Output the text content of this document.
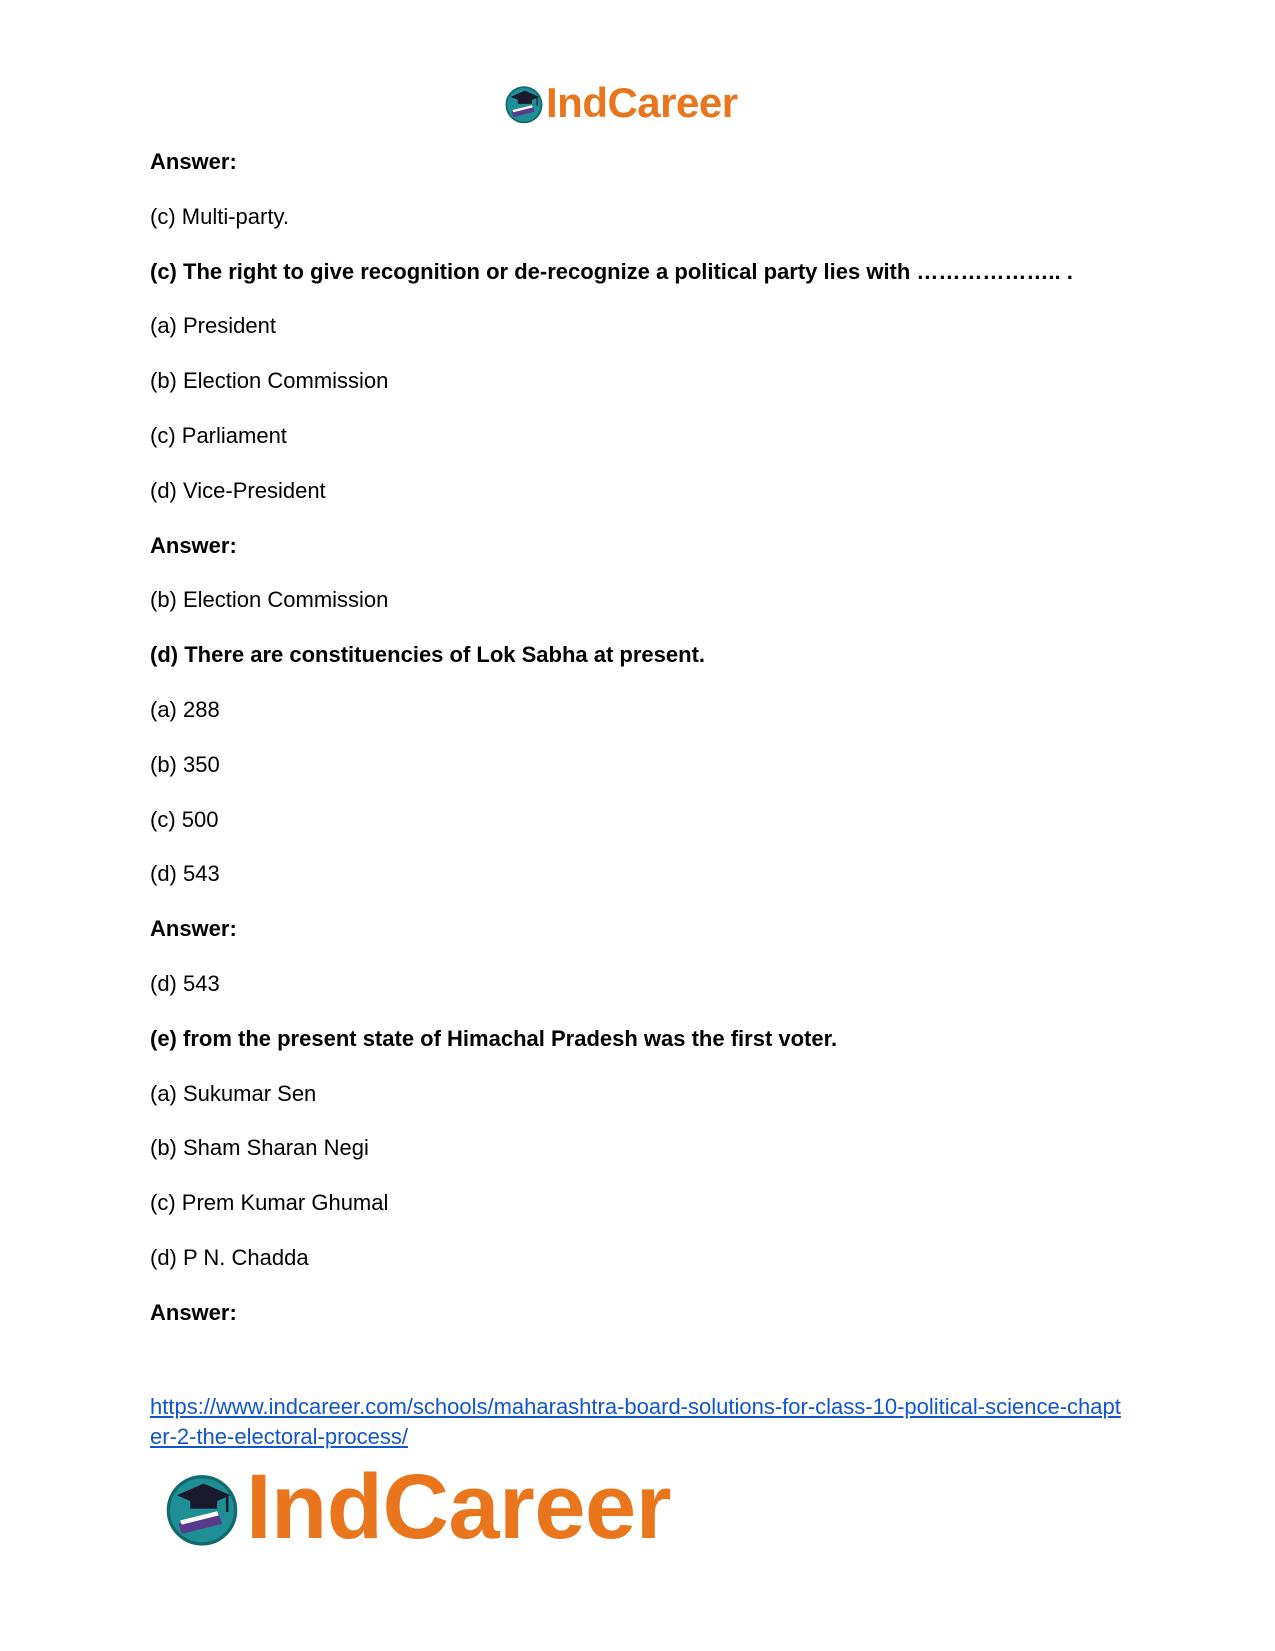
IndCareer
Answer:
(c) Multi-party.
(c) The right to give recognition or de-recognize a political party lies with ……………….. .
(a) President
(b) Election Commission
(c) Parliament
(d) Vice-President
Answer:
(b) Election Commission
(d) There are constituencies of Lok Sabha at present.
(a) 288
(b) 350
(c) 500
(d) 543
Answer:
(d) 543
(e) from the present state of Himachal Pradesh was the first voter.
(a) Sukumar Sen
(b) Sham Sharan Negi
(c) Prem Kumar Ghumal
(d) P N. Chadda
Answer:
https://www.indcareer.com/schools/maharashtra-board-solutions-for-class-10-political-science-chapter-2-the-electoral-process/
IndCareer
